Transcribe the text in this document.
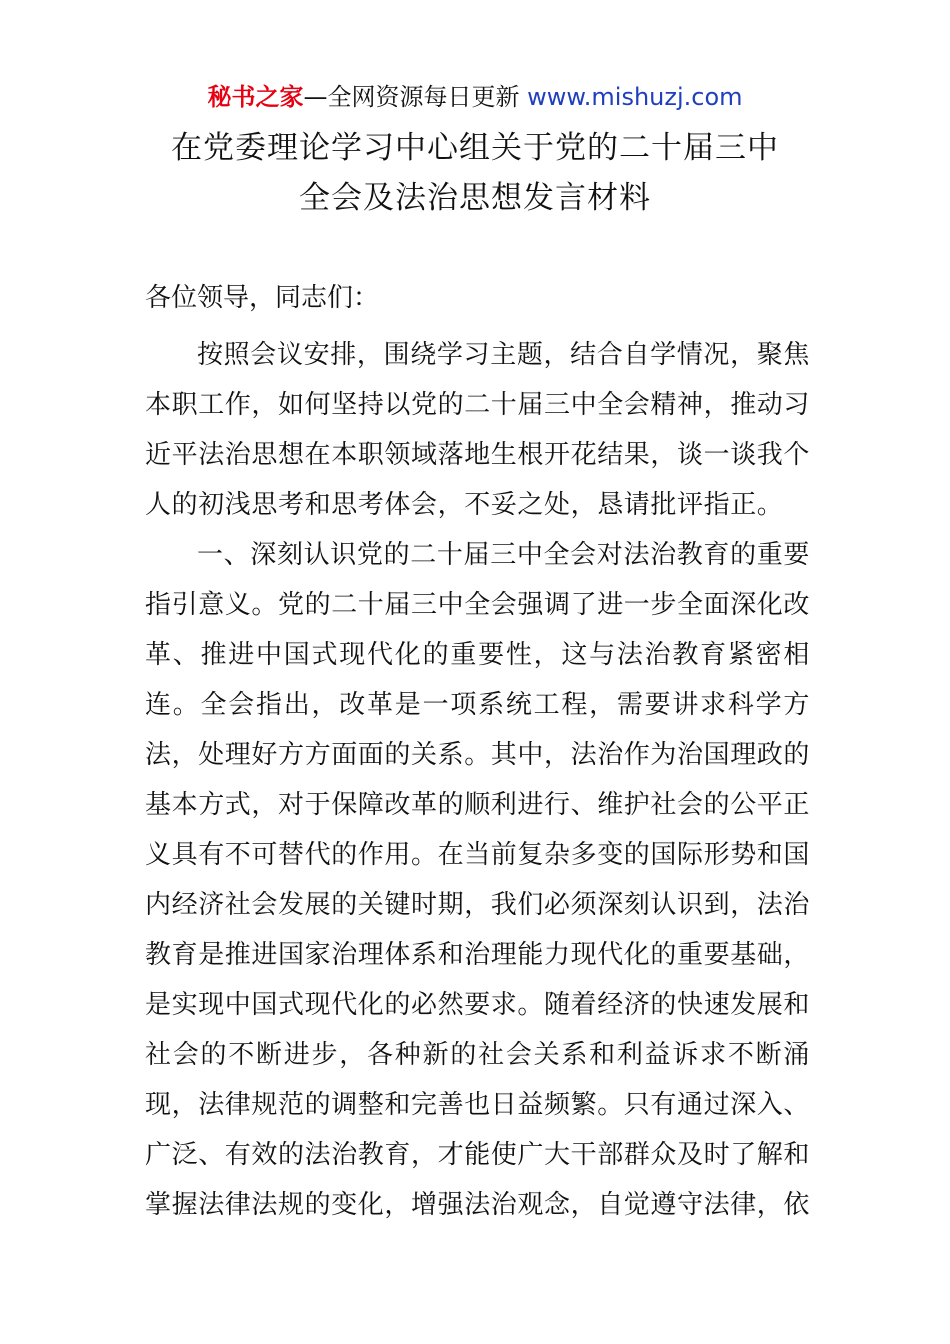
秘书之家—全网资源每日更新 www.mishuzj.com
在党委理论学习中心组关于党的二十届三中
全会及法治思想发言材料
各位领导，同志们：

按照会议安排，围绕学习主题，结合自学情况，聚焦本职工作，如何坚持以党的二十届三中全会精神，推动习近平法治思想在本职领域落地生根开花结果，谈一谈我个人的初浅思考和思考体会，不妥之处，恳请批评指正。

一、深刻认识党的二十届三中全会对法治教育的重要指引意义。党的二十届三中全会强调了进一步全面深化改革、推进中国式现代化的重要性，这与法治教育紧密相连。全会指出，改革是一项系统工程，需要讲求科学方法，处理好方方面面的关系。其中，法治作为治国理政的基本方式，对于保障改革的顺利进行、维护社会的公平正义具有不可替代的作用。在当前复杂多变的国际形势和国内经济社会发展的关键时期，我们必须深刻认识到，法治教育是推进国家治理体系和治理能力现代化的重要基础，是实现中国式现代化的必然要求。随着经济的快速发展和社会的不断进步，各种新的社会关系和利益诉求不断涌现，法律规范的调整和完善也日益频繁。只有通过深入、广泛、有效的法治教育，才能使广大干部群众及时了解和掌握法律法规的变化，增强法治观念，自觉遵守法律，依
